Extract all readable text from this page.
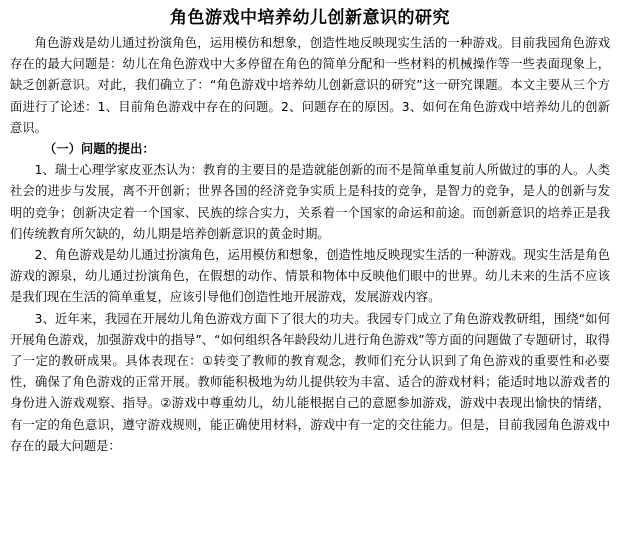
角色游戏中培养幼儿创新意识的研究

角色游戏是幼儿通过扮演角色，运用模仿和想象，创造性地反映现实生活的一种游戏。目前我园角色游戏存在的最大问题是：幼儿在角色游戏中大多停留在角色的简单分配和一些材料的机械操作等一些表面现象上，缺乏创新意识。对此，我们确立了：“角色游戏中培养幼儿创新意识的研究”这一研究课题。本文主要从三个方面进行了论述：1、目前角色游戏中存在的问题。2、问题存在的原因。3、如何在角色游戏中培养幼儿的创新意识。

（一）问题的提出：

1、瑞士心理学家皮亚杰认为：教育的主要目的是造就能创新的而不是简单重复前人所做过的事的人。人类社会的进步与发展，离不开创新；世界各国的经济竞争实质上是科技的竞争，是智力的竞争，是人的创新与发明的竞争；创新决定着一个国家、民族的综合实力，关系着一个国家的命运和前途。而创新意识的培养正是我们传统教育所欠缺的，幼儿期是培养创新意识的黄金时期。

2、角色游戏是幼儿通过扮演角色，运用模仿和想象，创造性地反映现实生活的一种游戏。现实生活是角色游戏的源泉，幼儿通过扮演角色，在假想的动作、情景和物体中反映他们眼中的世界。幼儿未来的生活不应该是我们现在生活的简单重复，应该引导他们创造性地开展游戏，发展游戏内容。

3、近年来，我园在开展幼儿角色游戏方面下了很大的功夫。我园专门成立了角色游戏教研组，围绕“如何开展角色游戏，加强游戏中的指导”、“如何组织各年龄段幼儿进行角色游戏”等方面的问题做了专题研讨，取得了一定的教研成果。具体表现在：①转变了教师的教育观念，教师们充分认识到了角色游戏的重要性和必要性，确保了角色游戏的正常开展。教师能积极地为幼儿提供较为丰富、适合的游戏材料；能适时地以游戏者的身份进入游戏观察、指导。②游戏中尊重幼儿，幼儿能根据自己的意愿参加游戏，游戏中表现出愉快的情绪，有一定的角色意识，遵守游戏规则，能正确使用材料，游戏中有一定的交往能力。但是，目前我园角色游戏中存在的最大问题是：
